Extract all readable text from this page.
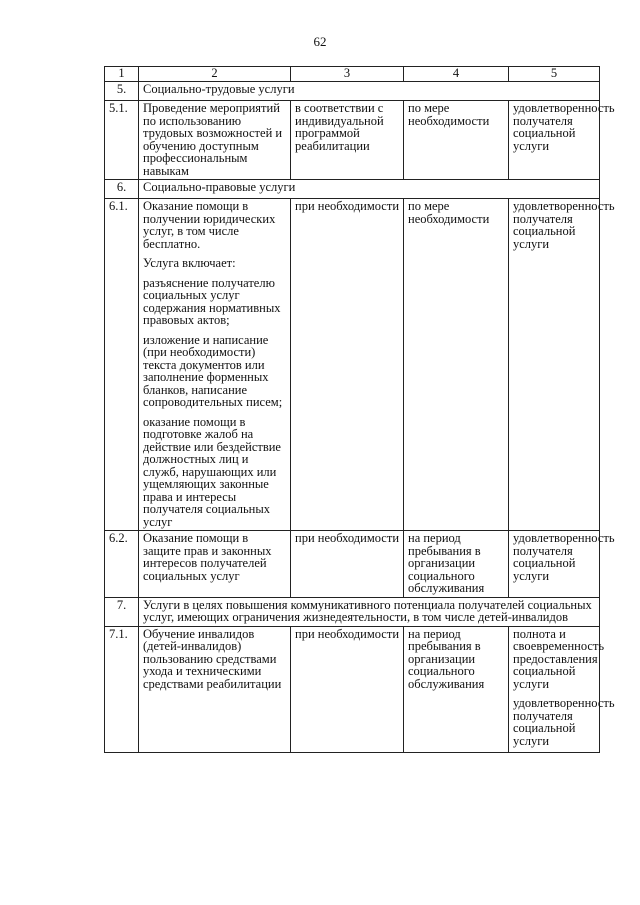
62
1	2	3	4	5
5.	Социально-трудовые услуги			
5.1.	Проведение мероприятий по использованию трудовых возможностей и обучению доступным профессиональным навыкам	в соответствии с индивидуальной программой реабилитации	по мере необходимости	удовлетворенность получателя социальной услуги

6.	Социально-правовые услуги			
6.1.	Оказание помощи в получении юридических услуг, в том числе бесплатно.
Услуга включает:
разъяснение получателю социальных услуг содержания нормативных правовых актов;
изложение и написание (при необходимости) текста документов или заполнение форменных бланков, написание сопроводительных писем;
оказание помощи в подготовке жалоб на действие или бездействие должностных лиц и служб, нарушающих или ущемляющих законные права и интересы получателя социальных услуг	при необходимости	по мере необходимости	удовлетворенность получателя социальной услуги

6.2.	Оказание помощи в защите прав и законных интересов получателей социальных услуг	при необходимости	на период пребывания в организации социального обслуживания	удовлетворенность получателя социальной услуги

7.	Услуги в целях повышения коммуникативного потенциала получателей социальных услуг, имеющих ограничения жизнедеятельности, в том числе детей-инвалидов			
7.1.	Обучение инвалидов (детей-инвалидов) пользованию средствами ухода и техническими средствами реабилитации	при необходимости	на период пребывания в организации социального обслуживания	полнота и своевременность предоставления социальной услуги
удовлетворенность получателя социальной услуги
